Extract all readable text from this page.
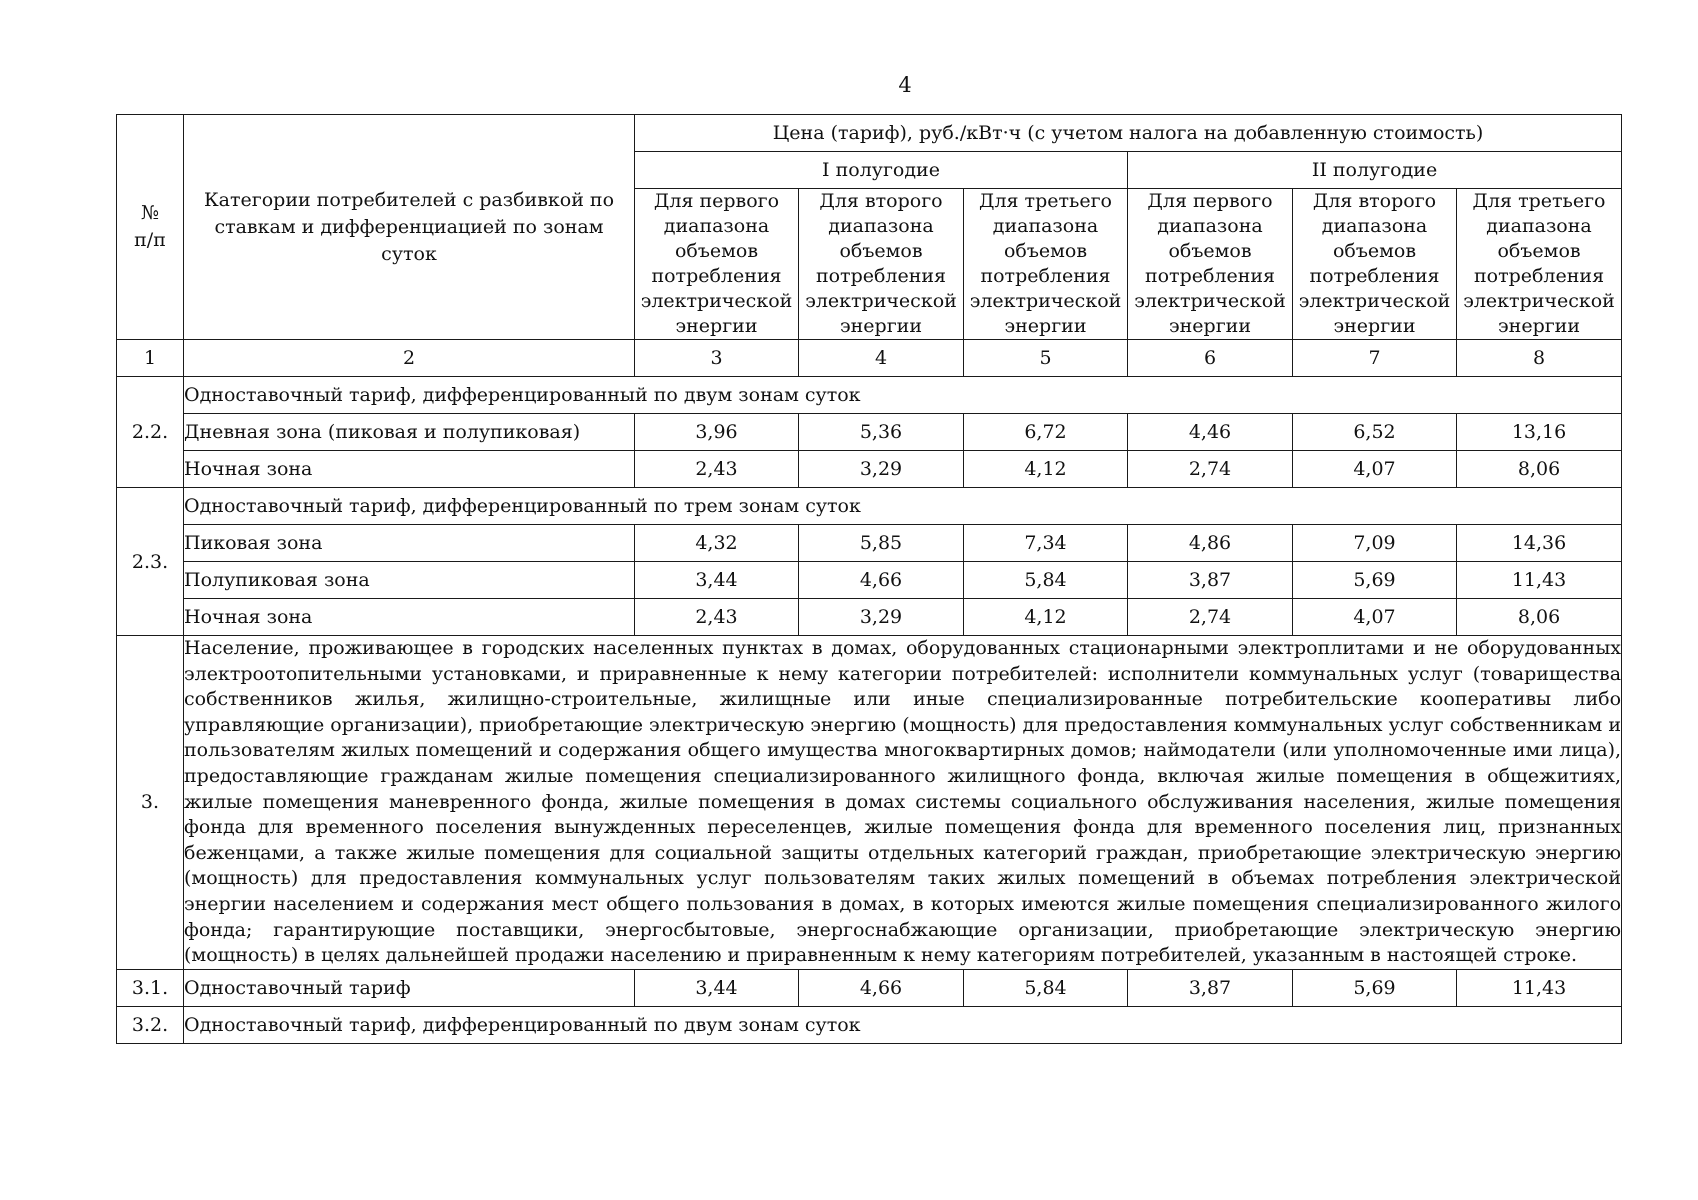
4
№
п/п	Категории потребителей с разбивкой по ставкам и дифференциацией по зонам суток	Цена (тариф), руб./кВт·ч (с учетом налога на добавленную стоимость)					
		I полугодие			II полугодие		
		Для первого диапазона объемов потребления электрической энергии	Для второго диапазона объемов потребления электрической энергии	Для третьего диапазона объемов потребления электрической энергии	Для первого диапазона объемов потребления электрической энергии	Для второго диапазона объемов потребления электрической энергии	Для третьего диапазона объемов потребления электрической энергии
1	2	3	4	5	6	7	8
2.2.	Одноставочный тариф, дифференцированный по двум зонам суток						
	Дневная зона (пиковая и полупиковая)	3,96	5,36	6,72	4,46	6,52	13,16
	Ночная зона	2,43	3,29	4,12	2,74	4,07	8,06
2.3.	Одноставочный тариф, дифференцированный по трем зонам суток						
	Пиковая зона	4,32	5,85	7,34	4,86	7,09	14,36
	Полупиковая зона	3,44	4,66	5,84	3,87	5,69	11,43
	Ночная зона	2,43	3,29	4,12	2,74	4,07	8,06
3.	Население, проживающее в городских населенных пунктах в домах, оборудованных стационарными электроплитами и не оборудованных электроотопительными установками, и приравненные к нему категории потребителей: исполнители коммунальных услуг (товарищества собственников жилья, жилищно-строительные, жилищные или иные специализированные потребительские кооперативы либо управляющие организации), приобретающие электрическую энергию (мощность) для предоставления коммунальных услуг собственникам и пользователям жилых помещений и содержания общего имущества многоквартирных домов; наймодатели (или уполномоченные ими лица), предоставляющие гражданам жилые помещения специализированного жилищного фонда, включая жилые помещения в общежитиях, жилые помещения маневренного фонда, жилые помещения в домах системы социального обслуживания населения, жилые помещения фонда для временного поселения вынужденных переселенцев, жилые помещения фонда для временного поселения лиц, признанных беженцами, а также жилые помещения для социальной защиты отдельных категорий граждан, приобретающие электрическую энергию (мощность) для предоставления коммунальных услуг пользователям таких жилых помещений в объемах потребления электрической энергии населением и содержания мест общего пользования в домах, в которых имеются жилые помещения специализированного жилого фонда; гарантирующие поставщики, энергосбытовые, энергоснабжающие организации, приобретающие электрическую энергию (мощность) в целях дальнейшей продажи населению и приравненным к нему категориям потребителей, указанным в настоящей строке.						
3.1.	Одноставочный тариф	3,44	4,66	5,84	3,87	5,69	11,43
3.2.	Одноставочный тариф, дифференцированный по двум зонам суток						
